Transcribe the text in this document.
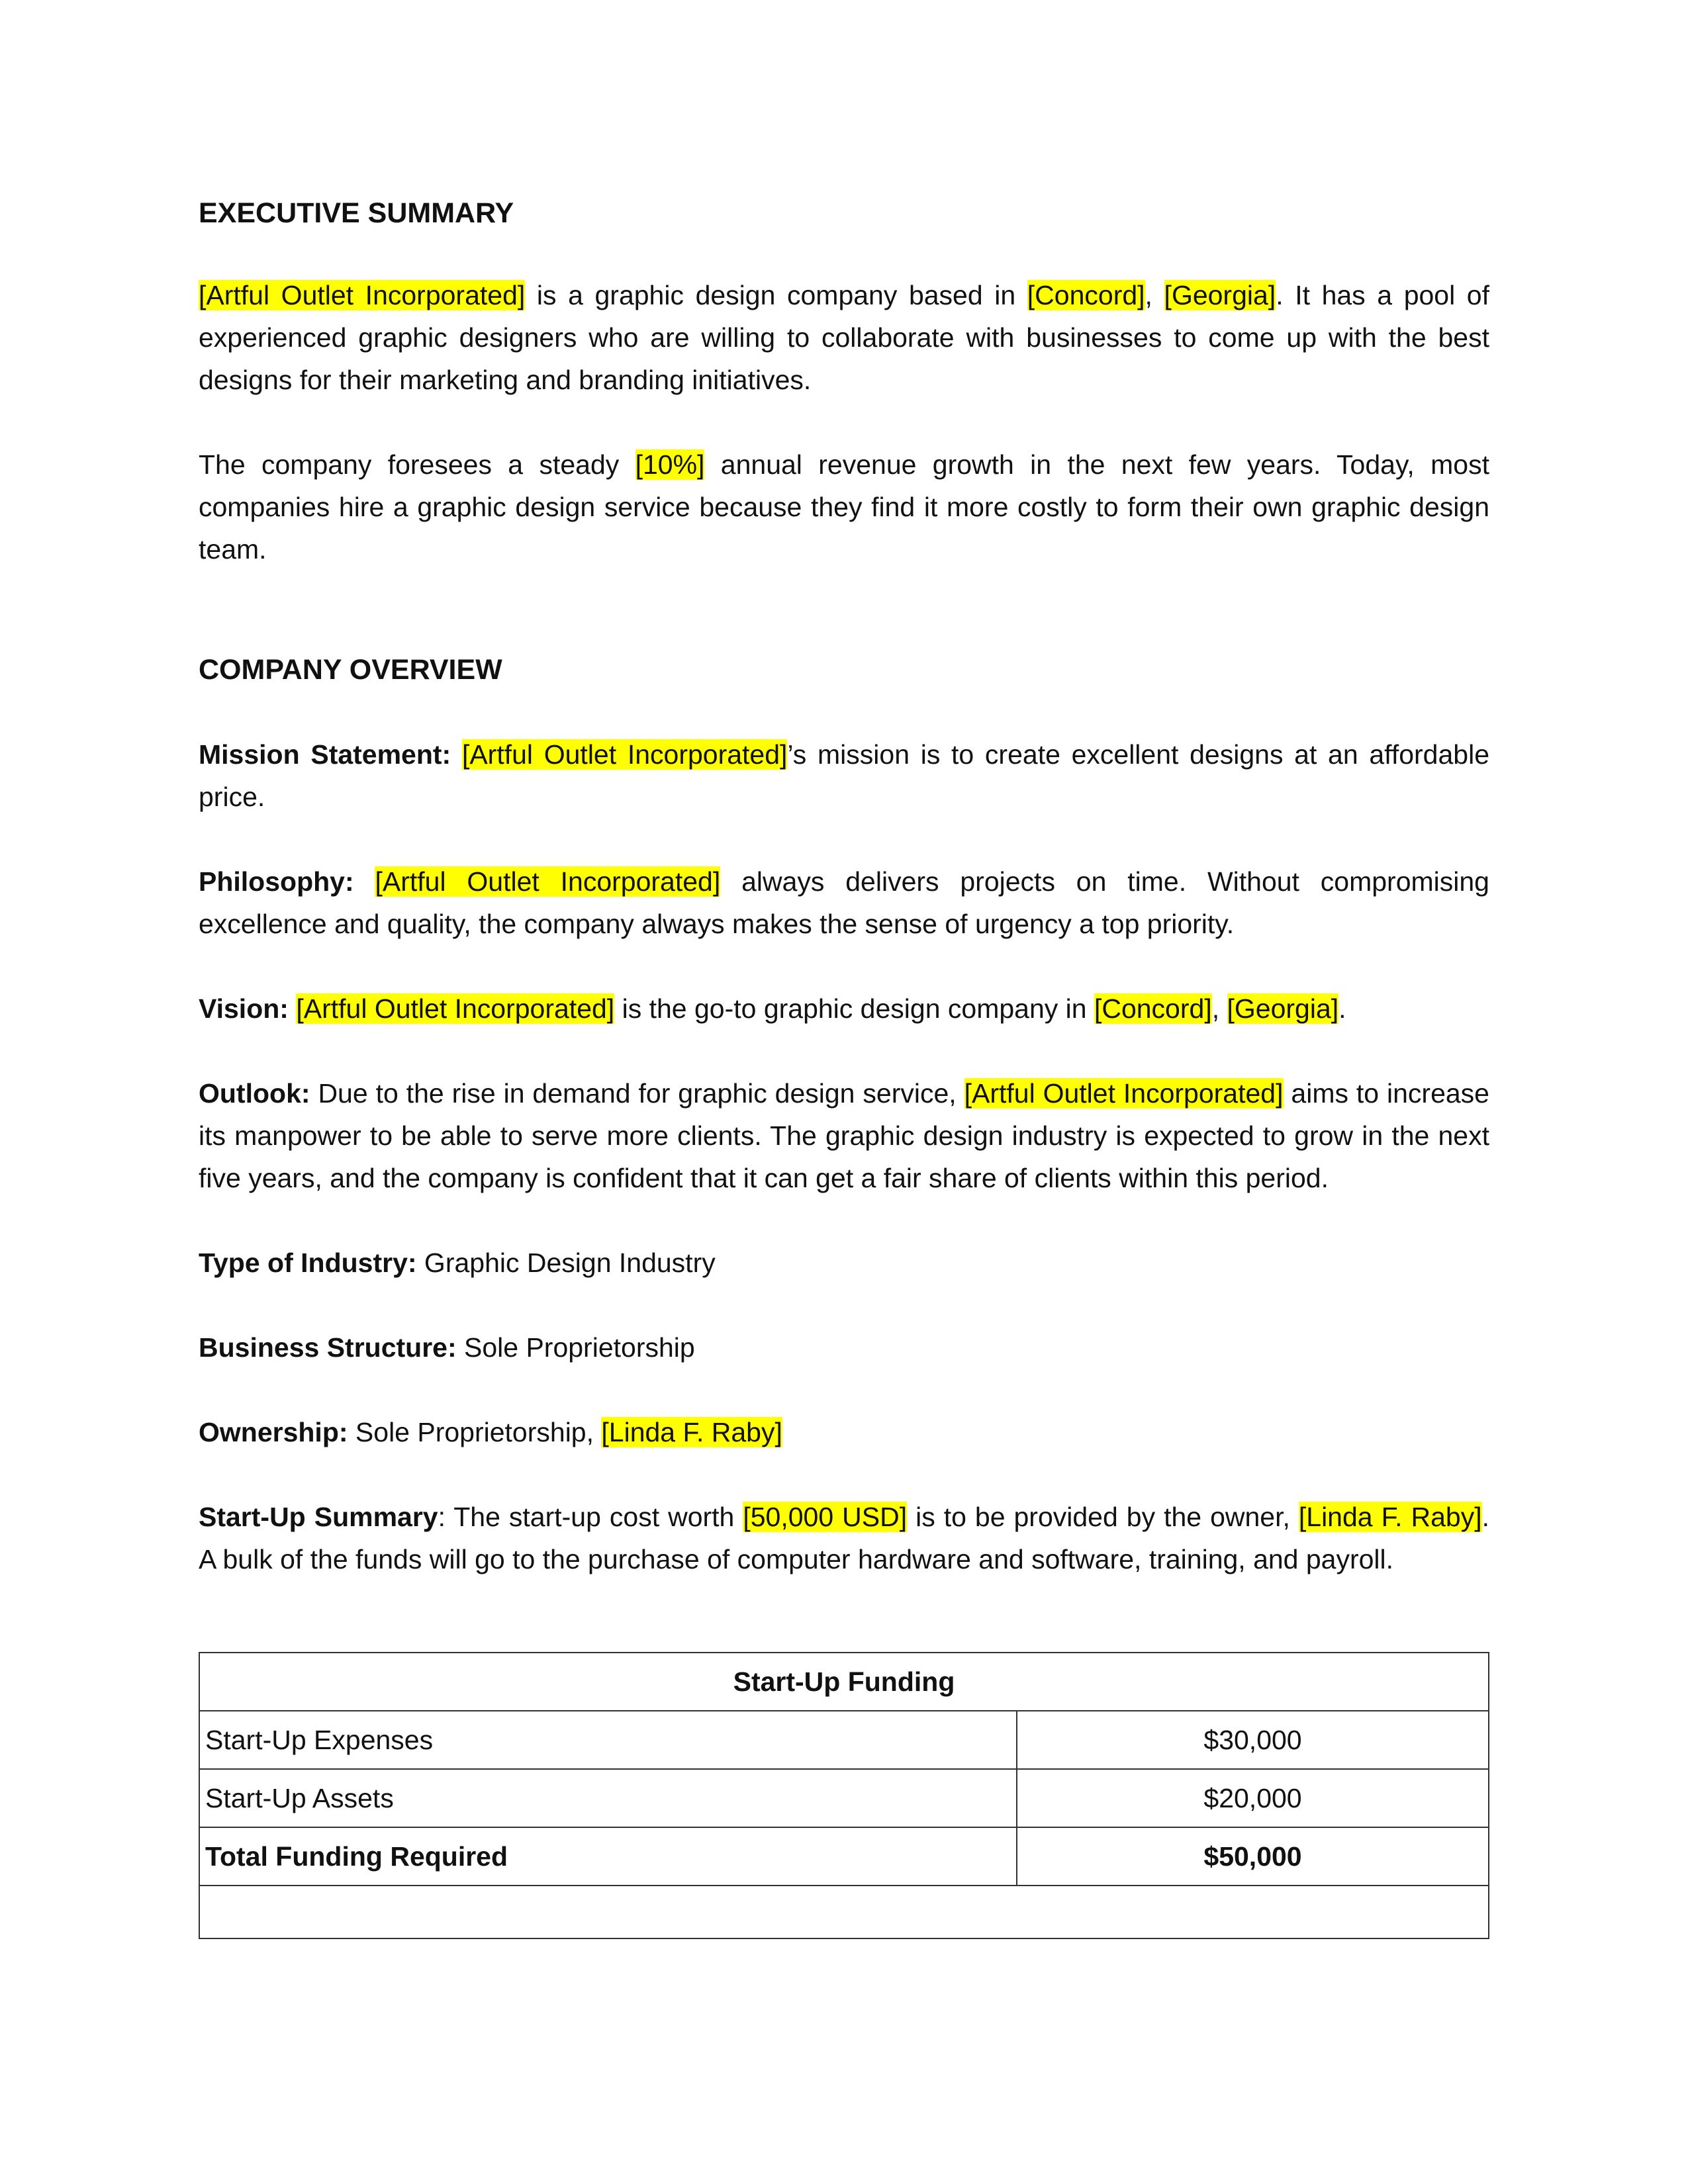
EXECUTIVE SUMMARY

[Artful Outlet Incorporated] is a graphic design company based in [Concord], [Georgia]. It has a pool of experienced graphic designers who are willing to collaborate with businesses to come up with the best designs for their marketing and branding initiatives.

The company foresees a steady [10%] annual revenue growth in the next few years. Today, most companies hire a graphic design service because they find it more costly to form their own graphic design team.

COMPANY OVERVIEW

Mission Statement: [Artful Outlet Incorporated]’s mission is to create excellent designs at an affordable price.

Philosophy: [Artful Outlet Incorporated] always delivers projects on time. Without compromising excellence and quality, the company always makes the sense of urgency a top priority.

Vision: [Artful Outlet Incorporated] is the go-to graphic design company in [Concord], [Georgia].

Outlook: Due to the rise in demand for graphic design service, [Artful Outlet Incorporated] aims to increase its manpower to be able to serve more clients. The graphic design industry is expected to grow in the next five years, and the company is confident that it can get a fair share of clients within this period.

Type of Industry: Graphic Design Industry

Business Structure: Sole Proprietorship

Ownership: Sole Proprietorship, [Linda F. Raby]

Start-Up Summary: The start-up cost worth [50,000 USD] is to be provided by the owner, [Linda F. Raby]. A bulk of the funds will go to the purchase of computer hardware and software, training, and payroll.

Start-Up Funding	
Start-Up Expenses	$30,000
Start-Up Assets	$20,000
Total Funding Required	$50,000
